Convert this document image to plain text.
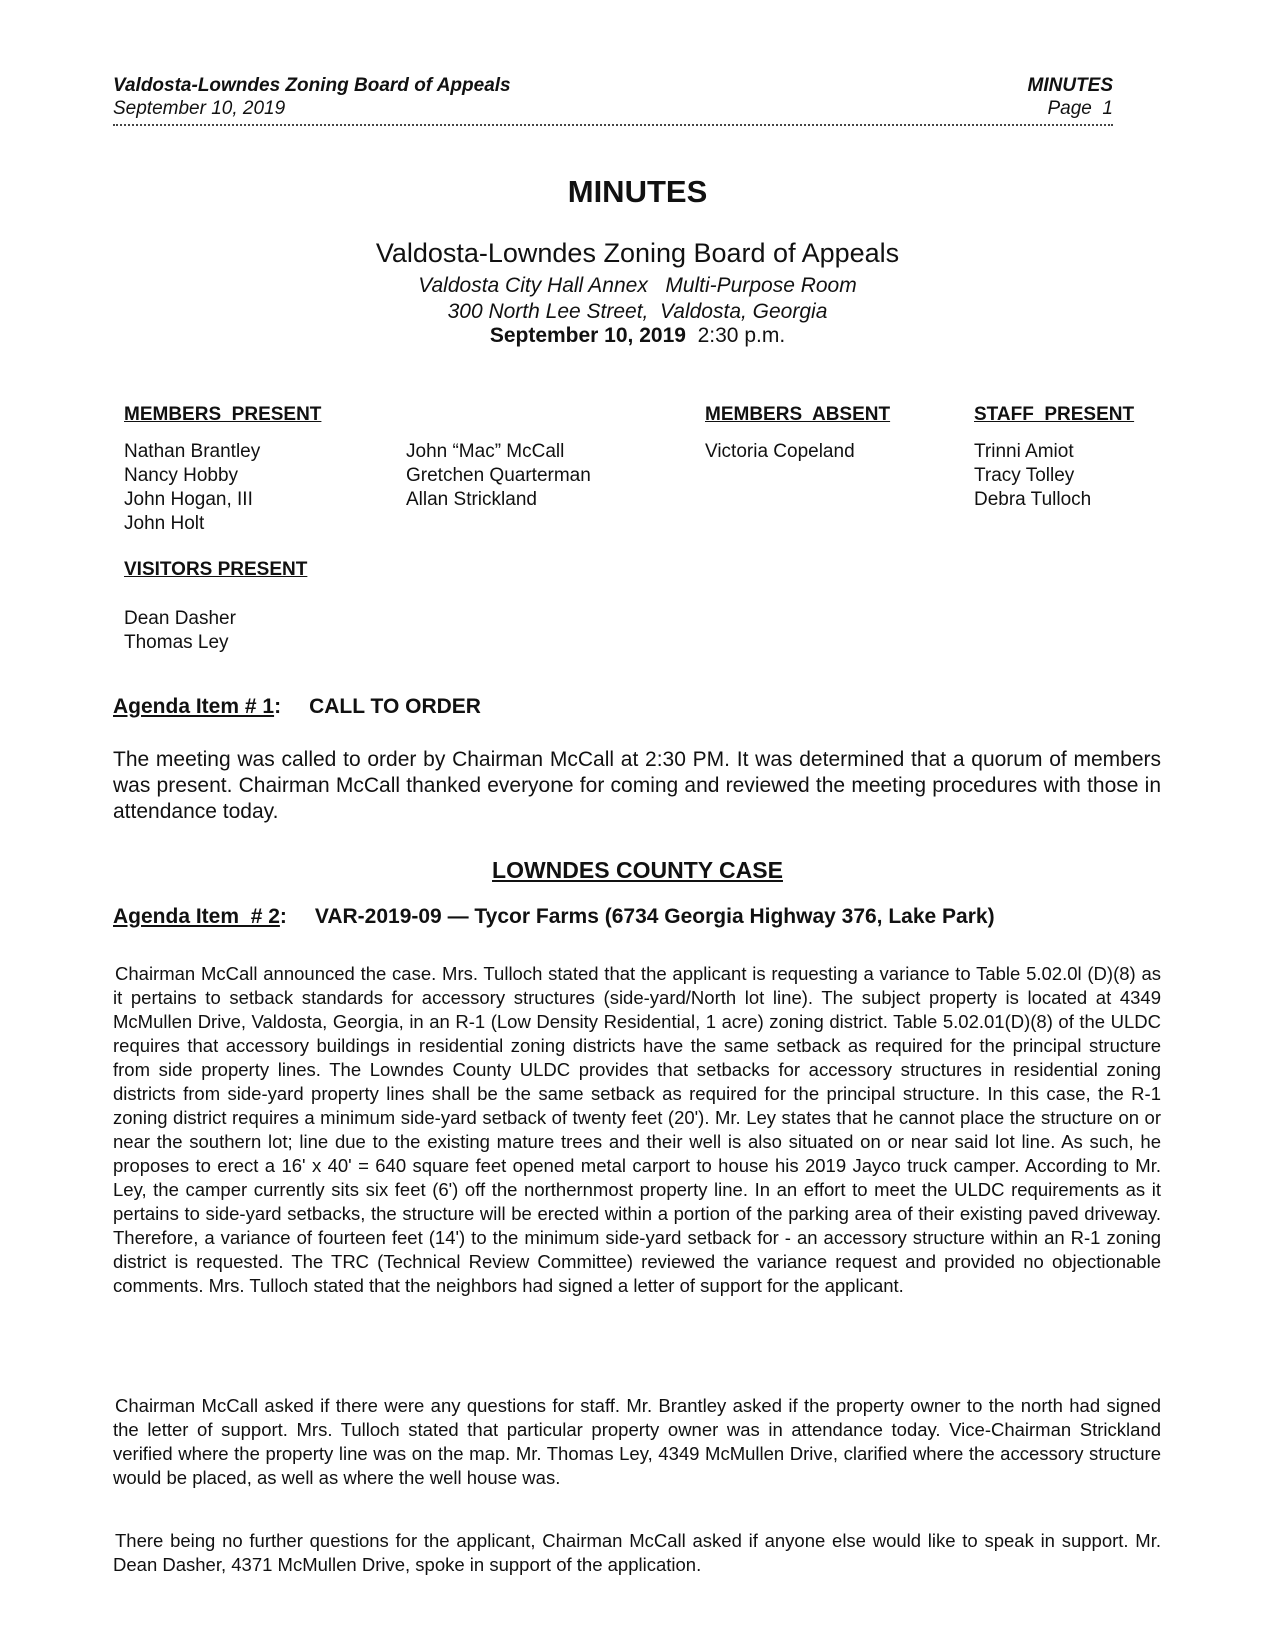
Valdosta-Lowndes Zoning Board of Appeals
September 10, 2019
MINUTES
Page  1
MINUTES
Valdosta-Lowndes Zoning Board of Appeals
Valdosta City Hall Annex   Multi-Purpose Room
300 North Lee Street,  Valdosta, Georgia
September 10, 2019 2:30 p.m.
MEMBERS  PRESENT
Nathan Brantley
Nancy Hobby
John Hogan, III
John Holt
John “Mac” McCall
Gretchen Quarterman
Allan Strickland
MEMBERS  ABSENT
Victoria Copeland
STAFF  PRESENT
Trinni Amiot
Tracy Tolley
Debra Tulloch
VISITORS PRESENT
Dean Dasher
Thomas Ley
Agenda Item # 1: CALL TO ORDER
The meeting was called to order by Chairman McCall at 2:30 PM. It was determined that a quorum of members was present. Chairman McCall thanked everyone for coming and reviewed the meeting procedures with those in attendance today.
LOWNDES COUNTY CASE
Agenda Item  # 2: VAR-2019-09 — Tycor Farms (6734 Georgia Highway 376, Lake Park)
Chairman McCall announced the case. Mrs. Tulloch stated that the applicant is requesting a variance to Table 5.02.0l (D)(8) as it pertains to setback standards for accessory structures (side-yard/North lot line). The subject property is located at 4349 McMullen Drive, Valdosta, Georgia, in an R-1 (Low Density Residential, 1 acre) zoning district. Table 5.02.01(D)(8) of the ULDC requires that accessory buildings in residential zoning districts have the same setback as required for the principal structure from side property lines. The Lowndes County ULDC provides that setbacks for accessory structures in residential zoning districts from side-yard property lines shall be the same setback as required for the principal structure. In this case, the R-1 zoning district requires a minimum side-yard setback of twenty feet (20'). Mr. Ley states that he cannot place the structure on or near the southern lot; line due to the existing mature trees and their well is also situated on or near said lot line. As such, he proposes to erect a 16' x 40' = 640 square feet opened metal carport to house his 2019 Jayco truck camper. According to Mr. Ley, the camper currently sits six feet (6') off the northernmost property line. In an effort to meet the ULDC requirements as it pertains to side-yard setbacks, the structure will be erected within a portion of the parking area of their existing paved driveway. Therefore, a variance of fourteen feet (14') to the minimum side-yard setback for - an accessory structure within an R-1 zoning district is requested. The TRC (Technical Review Committee) reviewed the variance request and provided no objectionable comments. Mrs. Tulloch stated that the neighbors had signed a letter of support for the applicant.
Chairman McCall asked if there were any questions for staff. Mr. Brantley asked if the property owner to the north had signed the letter of support. Mrs. Tulloch stated that particular property owner was in attendance today. Vice-Chairman Strickland verified where the property line was on the map. Mr. Thomas Ley, 4349 McMullen Drive, clarified where the accessory structure would be placed, as well as where the well house was.
There being no further questions for the applicant, Chairman McCall asked if anyone else would like to speak in support. Mr. Dean Dasher, 4371 McMullen Drive, spoke in support of the application.
